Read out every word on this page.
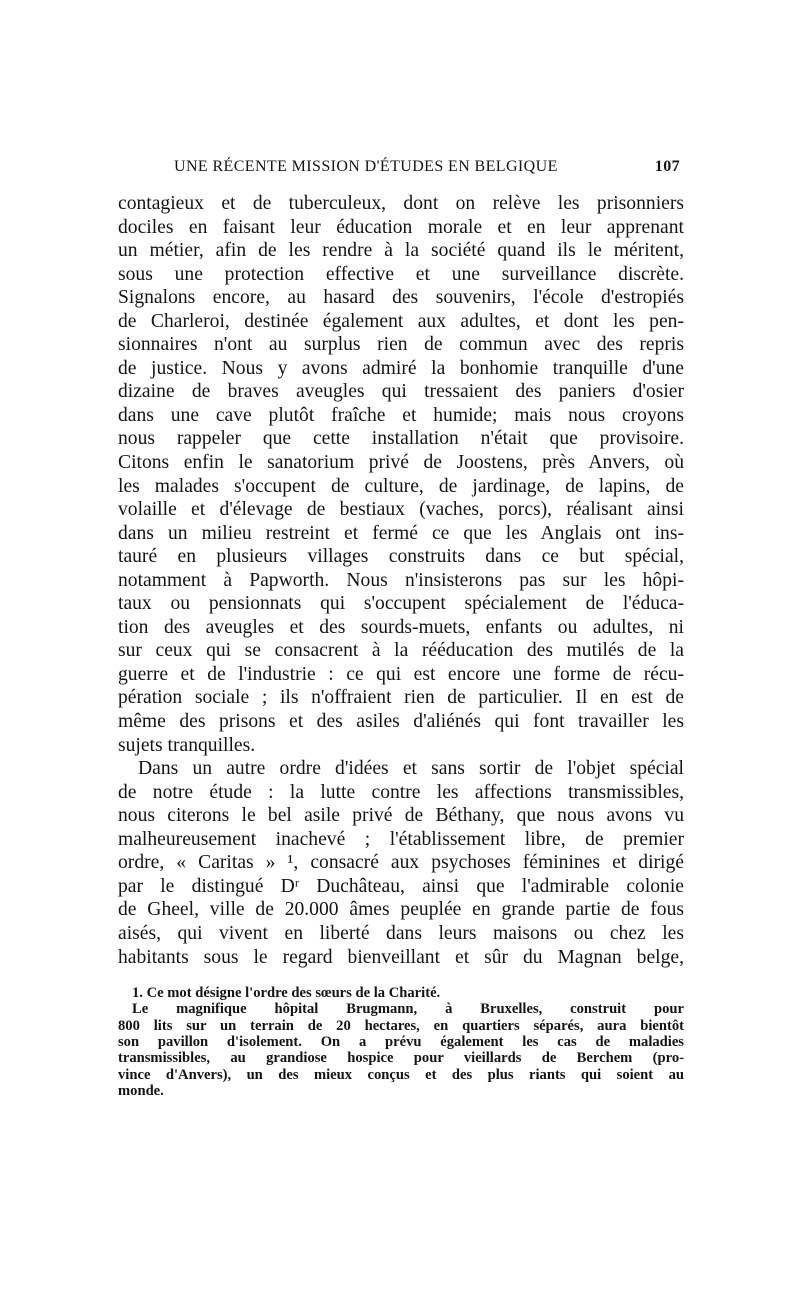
UNE RÉCENTE MISSION D'ÉTUDES EN BELGIQUE	107
contagieux et de tuberculeux, dont on relève les prisonniers
dociles en faisant leur éducation morale et en leur apprenant
un métier, afin de les rendre à la société quand ils le méritent,
sous une protection effective et une surveillance discrète.
Signalons encore, au hasard des souvenirs, l'école d'estropiés
de Charleroi, destinée également aux adultes, et dont les pen-
sionnaires n'ont au surplus rien de commun avec des repris
de justice. Nous y avons admiré la bonhomie tranquille d'une
dizaine de braves aveugles qui tressaient des paniers d'osier
dans une cave plutôt fraîche et humide; mais nous croyons
nous rappeler que cette installation n'était que provisoire.
Citons enfin le sanatorium privé de Joostens, près Anvers, où
les malades s'occupent de culture, de jardinage, de lapins, de
volaille et d'élevage de bestiaux (vaches, porcs), réalisant ainsi
dans un milieu restreint et fermé ce que les Anglais ont ins-
tauré en plusieurs villages construits dans ce but spécial,
notamment à Papworth. Nous n'insisterons pas sur les hôpi-
taux ou pensionnats qui s'occupent spécialement de l'éduca-
tion des aveugles et des sourds-muets, enfants ou adultes, ni
sur ceux qui se consacrent à la rééducation des mutilés de la
guerre et de l'industrie : ce qui est encore une forme de récu-
pération sociale ; ils n'offraient rien de particulier. Il en est de
même des prisons et des asiles d'aliénés qui font travailler les
sujets tranquilles.
Dans un autre ordre d'idées et sans sortir de l'objet spécial
de notre étude : la lutte contre les affections transmissibles,
nous citerons le bel asile privé de Béthany, que nous avons vu
malheureusement inachevé ; l'établissement libre, de premier
ordre, « Caritas » ¹, consacré aux psychoses féminines et dirigé
par le distingué Dʳ Duchâteau, ainsi que l'admirable colonie
de Gheel, ville de 20.000 âmes peuplée en grande partie de fous
aisés, qui vivent en liberté dans leurs maisons ou chez les
habitants sous le regard bienveillant et sûr du Magnan belge,
1. Ce mot désigne l'ordre des sœurs de la Charité.
Le magnifique hôpital Brugmann, à Bruxelles, construit pour
800 lits sur un terrain de 20 hectares, en quartiers séparés, aura bientôt
son pavillon d'isolement. On a prévu également les cas de maladies
transmissibles, au grandiose hospice pour vieillards de Berchem (pro-
vince d'Anvers), un des mieux conçus et des plus riants qui soient au
monde.
